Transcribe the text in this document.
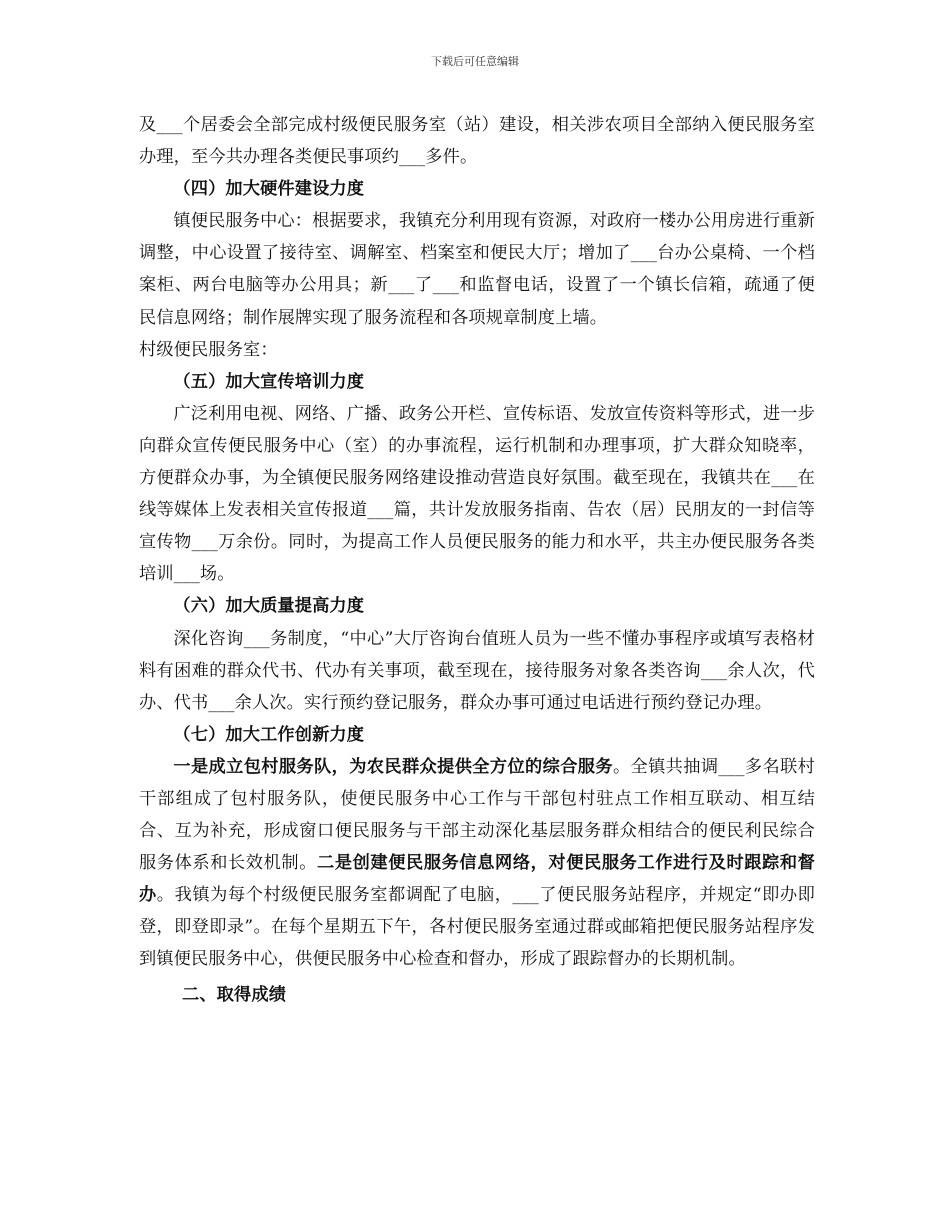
下载后可任意编辑

及___个居委会全部完成村级便民服务室（站）建设，相关涉农项目全部纳入便民服务室办理，至今共办理各类便民事项约___多件。

（四）加大硬件建设力度

镇便民服务中心：根据要求，我镇充分利用现有资源，对政府一楼办公用房进行重新调整，中心设置了接待室、调解室、档案室和便民大厅；增加了___台办公桌椅、一个档案柜、两台电脑等办公用具；新___了___和监督电话，设置了一个镇长信箱，疏通了便民信息网络；制作展牌实现了服务流程和各项规章制度上墙。

村级便民服务室：

（五）加大宣传培训力度

广泛利用电视、网络、广播、政务公开栏、宣传标语、发放宣传资料等形式，进一步向群众宣传便民服务中心（室）的办事流程，运行机制和办理事项，扩大群众知晓率，方便群众办事，为全镇便民服务网络建设推动营造良好氛围。截至现在，我镇共在___在线等媒体上发表相关宣传报道___篇，共计发放服务指南、告农（居）民朋友的一封信等宣传物___万余份。同时，为提高工作人员便民服务的能力和水平，共主办便民服务各类培训___场。

（六）加大质量提高力度

深化咨询___务制度，“中心”大厅咨询台值班人员为一些不懂办事程序或填写表格材料有困难的群众代书、代办有关事项，截至现在，接待服务对象各类咨询___余人次，代办、代书___余人次。实行预约登记服务，群众办事可通过电话进行预约登记办理。

（七）加大工作创新力度

一是成立包村服务队，为农民群众提供全方位的综合服务。全镇共抽调___多名联村干部组成了包村服务队，使便民服务中心工作与干部包村驻点工作相互联动、相互结合、互为补充，形成窗口便民服务与干部主动深化基层服务群众相结合的便民利民综合服务体系和长效机制。二是创建便民服务信息网络，对便民服务工作进行及时跟踪和督办。我镇为每个村级便民服务室都调配了电脑，___了便民服务站程序，并规定“即办即登，即登即录”。在每个星期五下午，各村便民服务室通过群或邮箱把便民服务站程序发到镇便民服务中心，供便民服务中心检查和督办，形成了跟踪督办的长期机制。

二、取得成绩
